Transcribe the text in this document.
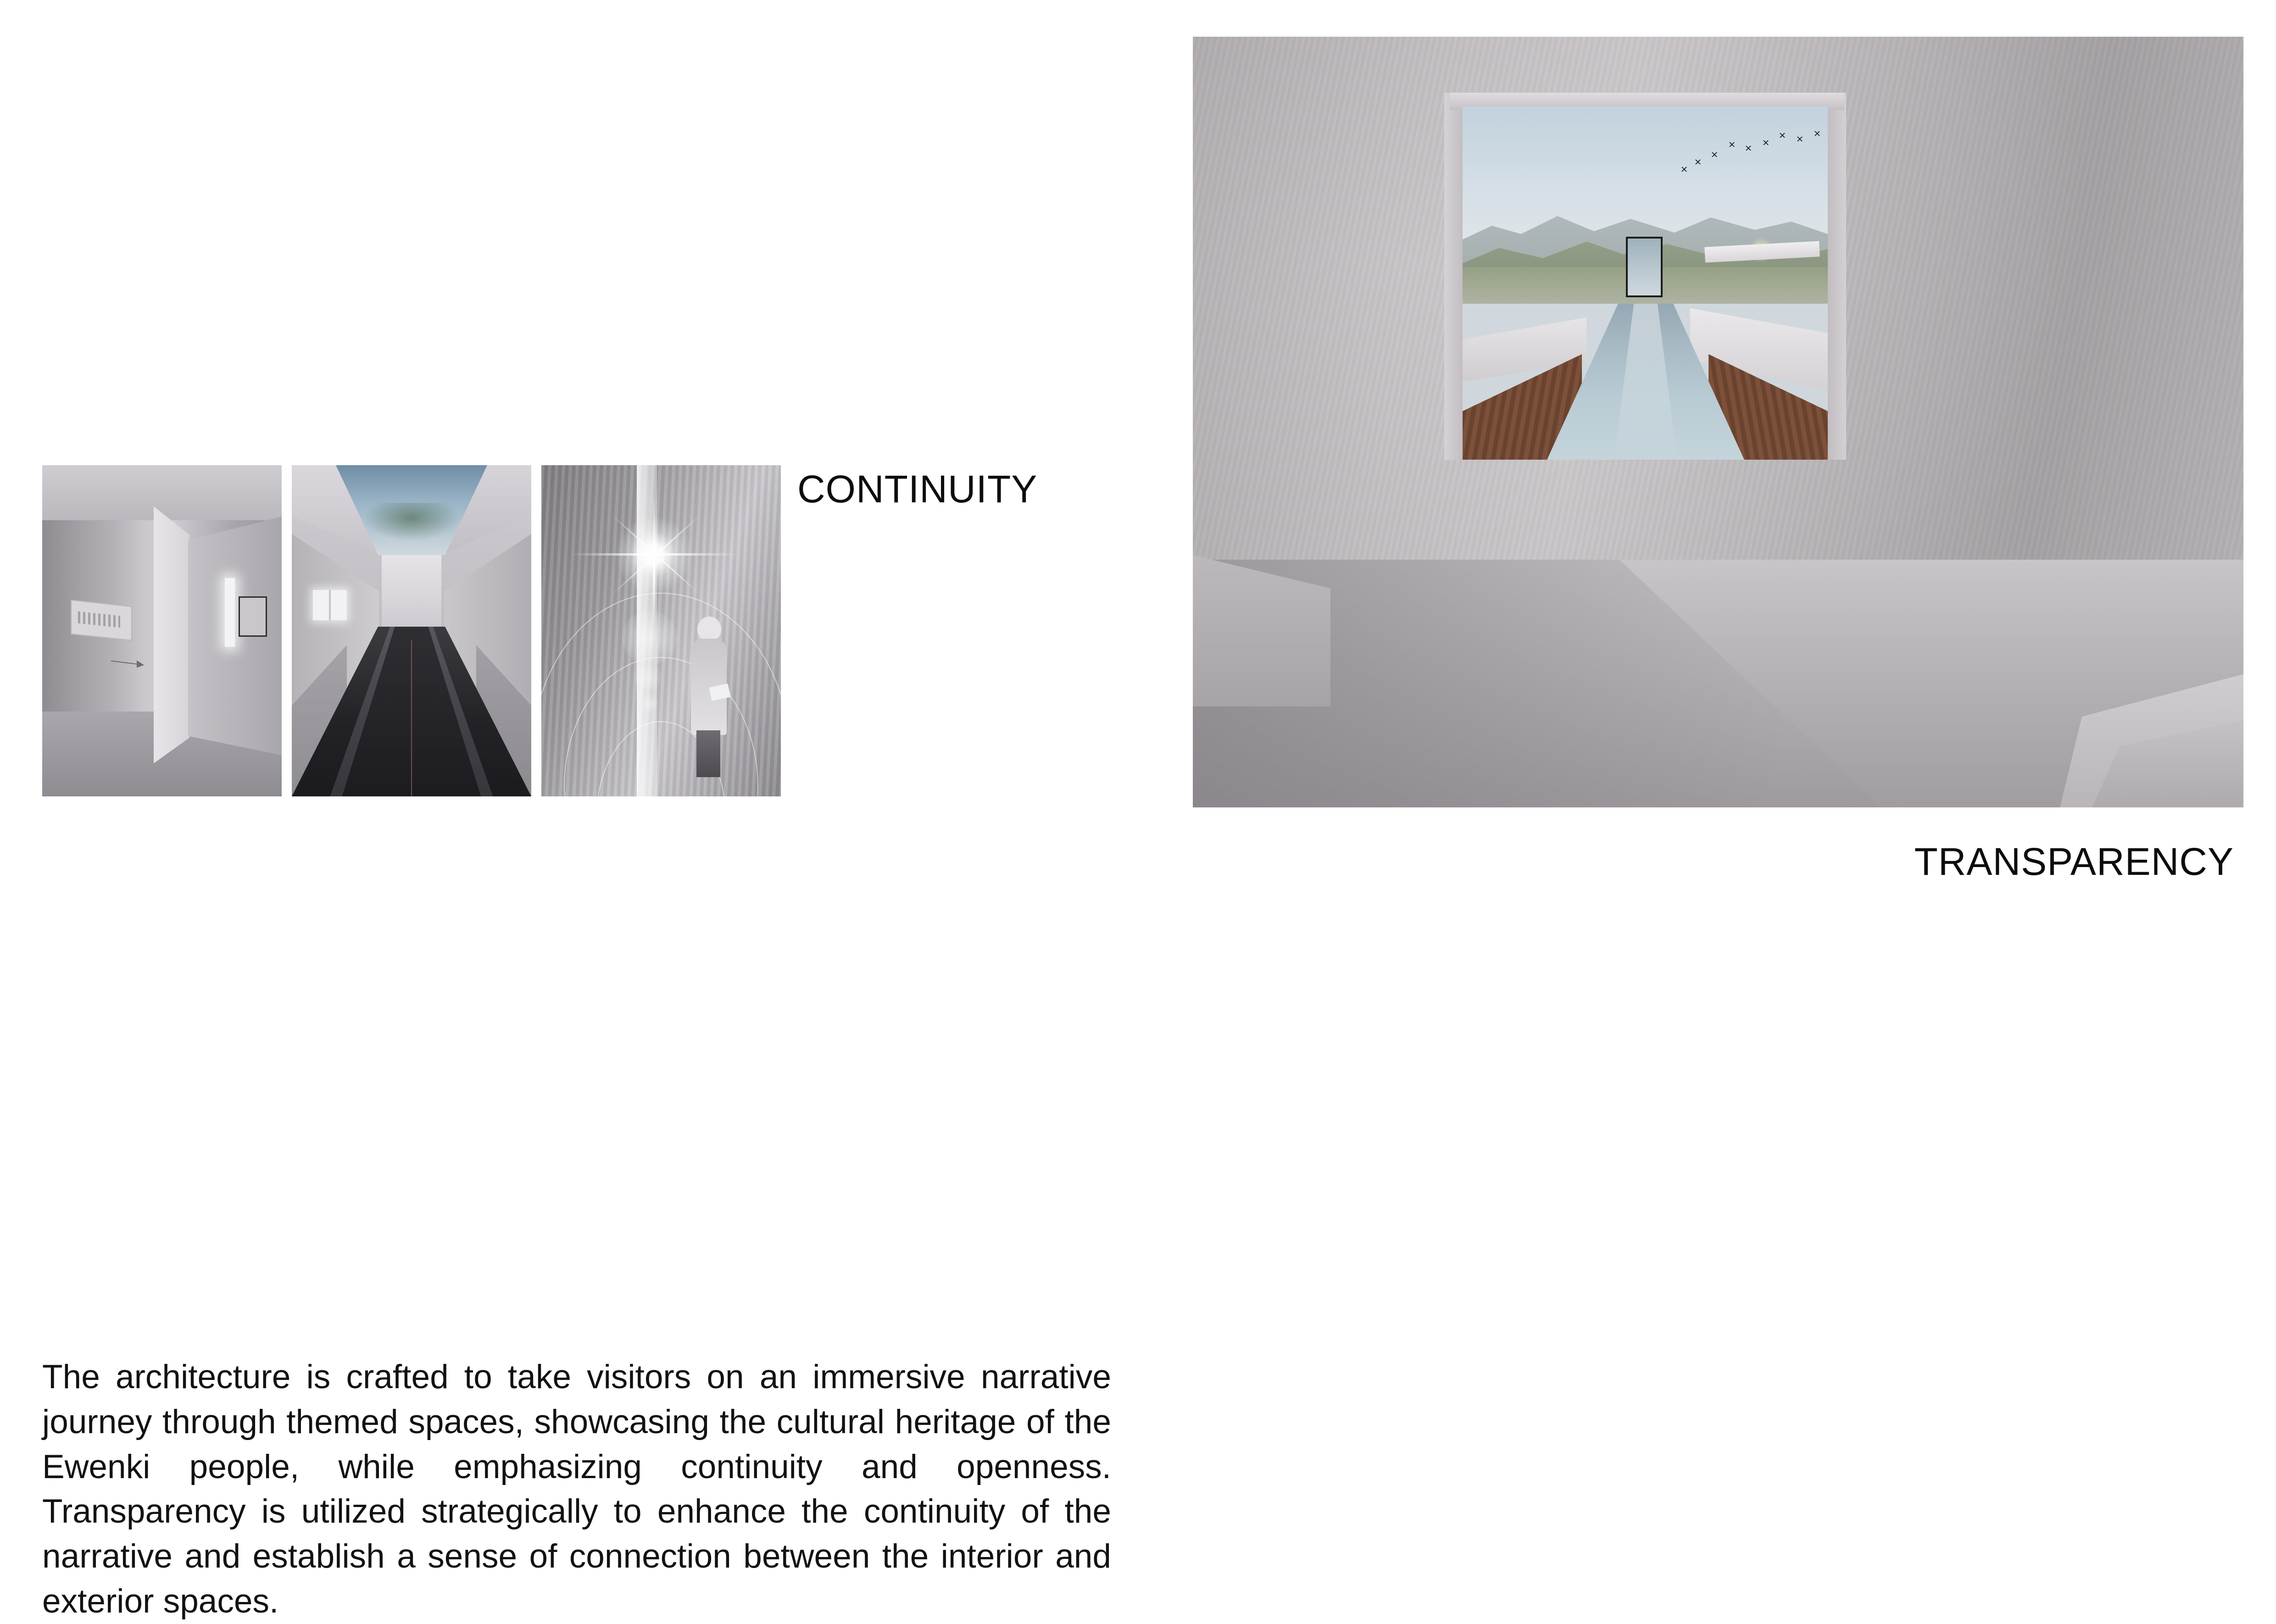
CONTINUITY
TRANSPARENCY

The architecture is crafted to take visitors on an immersive narrative journey through themed spaces, showcasing the cultural heritage of the Ewenki people, while emphasizing continuity and openness. Transparency is utilized strategically to enhance the continuity of the narrative and establish a sense of connection between the interior and exterior spaces.
